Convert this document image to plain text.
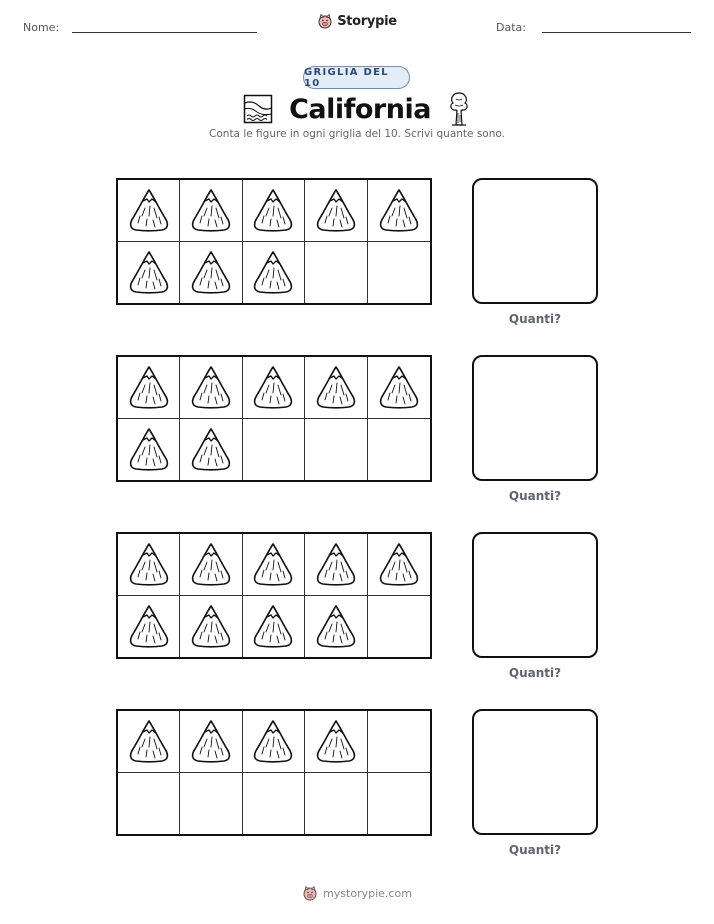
Nome:	Data:
Storypie
GRIGLIA DEL 10
California
Conta le figure in ogni griglia del 10. Scrivi quante sono.
Quanti?
Quanti?
Quanti?
Quanti?
mystorypie.com
